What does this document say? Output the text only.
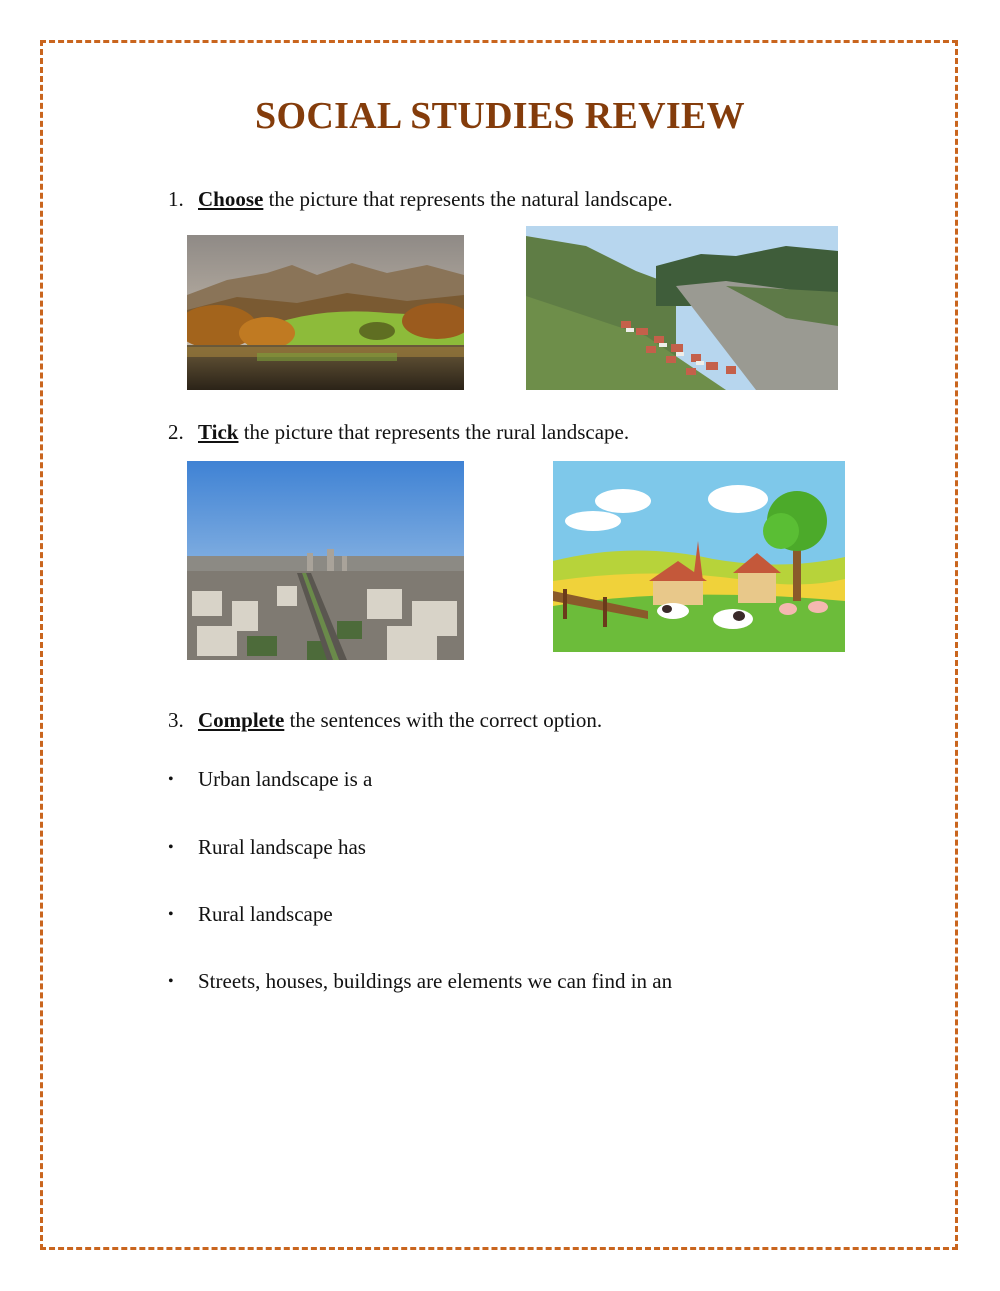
SOCIAL STUDIES REVIEW
1. Choose the picture that represents the natural landscape.
2. Tick the picture that represents the rural landscape.
3. Complete the sentences with the correct option.
• Urban landscape is a
• Rural landscape has
• Rural landscape
• Streets, houses, buildings are elements we can find in an
